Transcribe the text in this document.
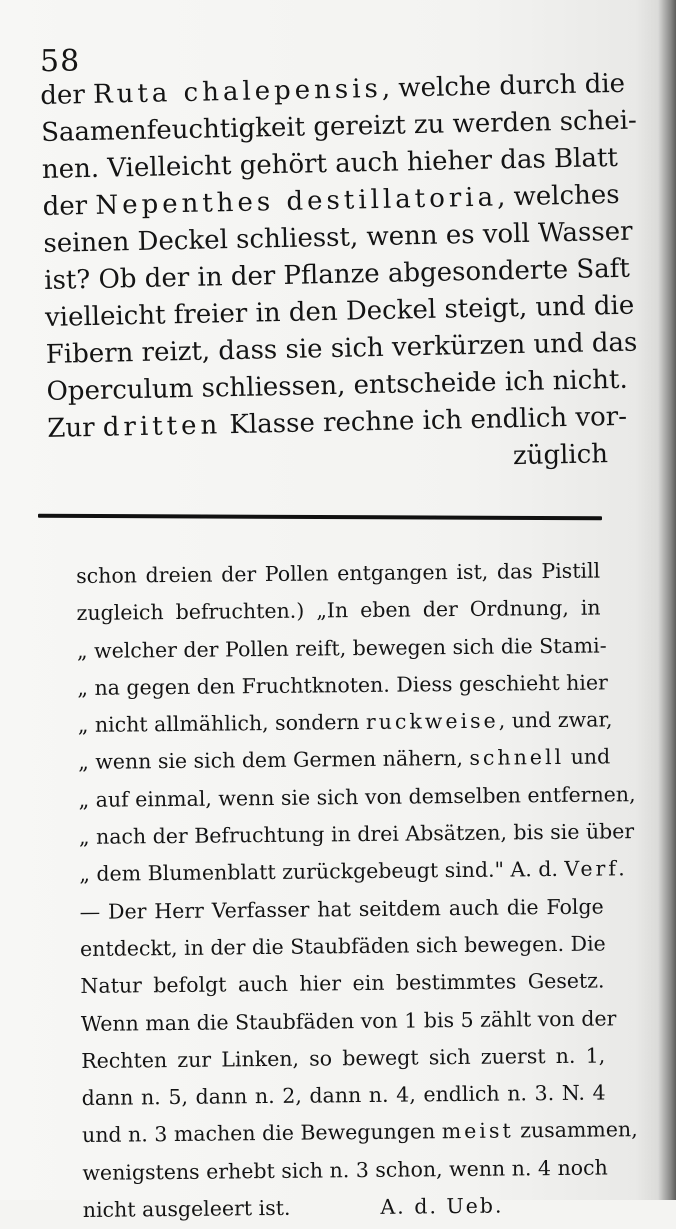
58
der Ruta chalepensis, welche durch die
Saamenfeuchtigkeit gereizt zu werden schei-
nen. Vielleicht gehört auch hieher das Blatt
der Nepenthes destillatoria, welches
seinen Deckel schliesst, wenn es voll Wasser
ist? Ob der in der Pflanze abgesonderte Saft
vielleicht freier in den Deckel steigt, und die
Fibern reizt, dass sie sich verkürzen und das
Operculum schliessen, entscheide ich nicht.
Zur dritten Klasse rechne ich endlich vor-
züglich
schon dreien der Pollen entgangen ist, das Pistill
zugleich befruchten.) „In eben der Ordnung, in
„ welcher der Pollen reift, bewegen sich die Stami-
„ na gegen den Fruchtknoten. Diess geschieht hier
„ nicht allmählich, sondern ruckweise, und zwar,
„ wenn sie sich dem Germen nähern, schnell und
„ auf einmal, wenn sie sich von demselben entfernen,
„ nach der Befruchtung in drei Absätzen, bis sie über
„ dem Blumenblatt zurückgebeugt sind." A. d. Verf.
— Der Herr Verfasser hat seitdem auch die Folge
entdeckt, in der die Staubfäden sich bewegen. Die
Natur befolgt auch hier ein bestimmtes Gesetz.
Wenn man die Staubfäden von 1 bis 5 zählt von der
Rechten zur Linken, so bewegt sich zuerst n. 1,
dann n. 5, dann n. 2, dann n. 4, endlich n. 3. N. 4
und n. 3 machen die Bewegungen meist zusammen,
wenigstens erhebt sich n. 3 schon, wenn n. 4 noch
nicht ausgeleert ist.	A. d. Ueb.
